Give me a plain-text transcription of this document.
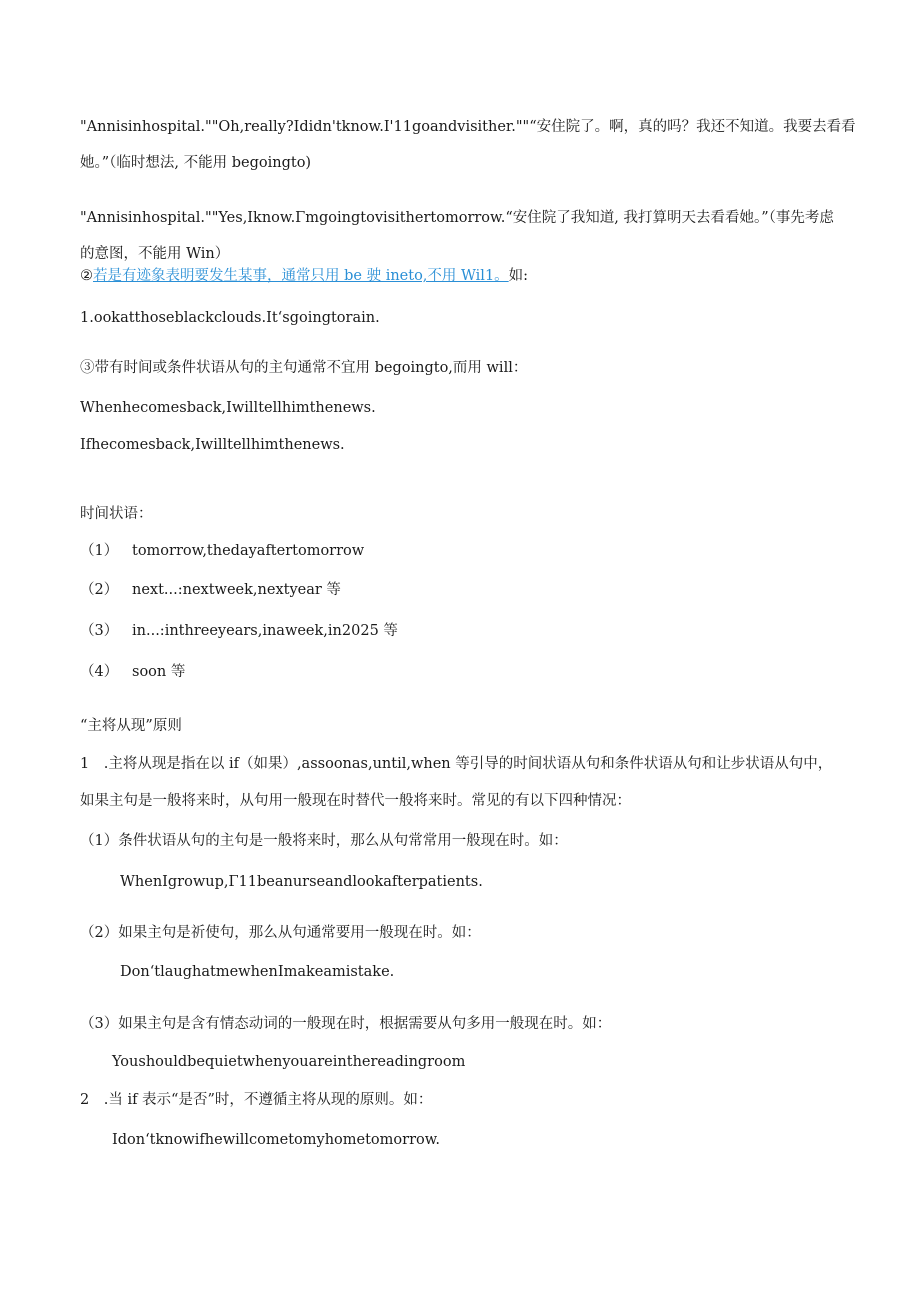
"Annisinhospital.""Oh,really?Ididn'tknow.I'11goandvisither.""“安住院了。啊，真的吗？我还不知道。我要去看看
她。”（临时想法, 不能用 begoingto)
"Annisinhospital.""Yes,Iknow.Γmgoingtovisithertomorrow.“安住院了我知道, 我打算明天去看看她。”（事先考虑
的意图，不能用 Win）
②若是有迹象表明要发生某事，通常只用 be 驶 ineto,不用 Wil1。如:
1.ookatthoseblackclouds.It‘sgoingtorain.
③带有时间或条件状语从句的主句通常不宜用 begoingto,而用 will：
Whenhecomesback,Iwilltellhimthenews.
Ifhecomesback,Iwilltellhimthenews.
时间状语：
（1） tomorrow,thedayaftertomorrow
（2） next...:nextweek,nextyear 等
（3） in...:inthreeyears,inaweek,in2025 等
（4） soon 等
“主将从现”原则
1　.主将从现是指在以 if（如果）,assoonas,until,when 等引导的时间状语从句和条件状语从句和让步状语从句中，
如果主句是一般将来时，从句用一般现在时替代一般将来时。常见的有以下四种情况：
（1）条件状语从句的主句是一般将来时，那么从句常常用一般现在时。如：
WhenIgrowup,Γ11beanurseandlookafterpatients.
（2）如果主句是祈使句，那么从句通常要用一般现在时。如：
Don‘tlaughatmewhenImakeamistake.
（3）如果主句是含有情态动词的一般现在时，根据需要从句多用一般现在时。如：
Youshouldbequietwhenyouareinthereadingroom
2　.当 if 表示“是否”时，不遵循主将从现的原则。如：
Idon‘tknowifhewillcometomyhometomorrow.
